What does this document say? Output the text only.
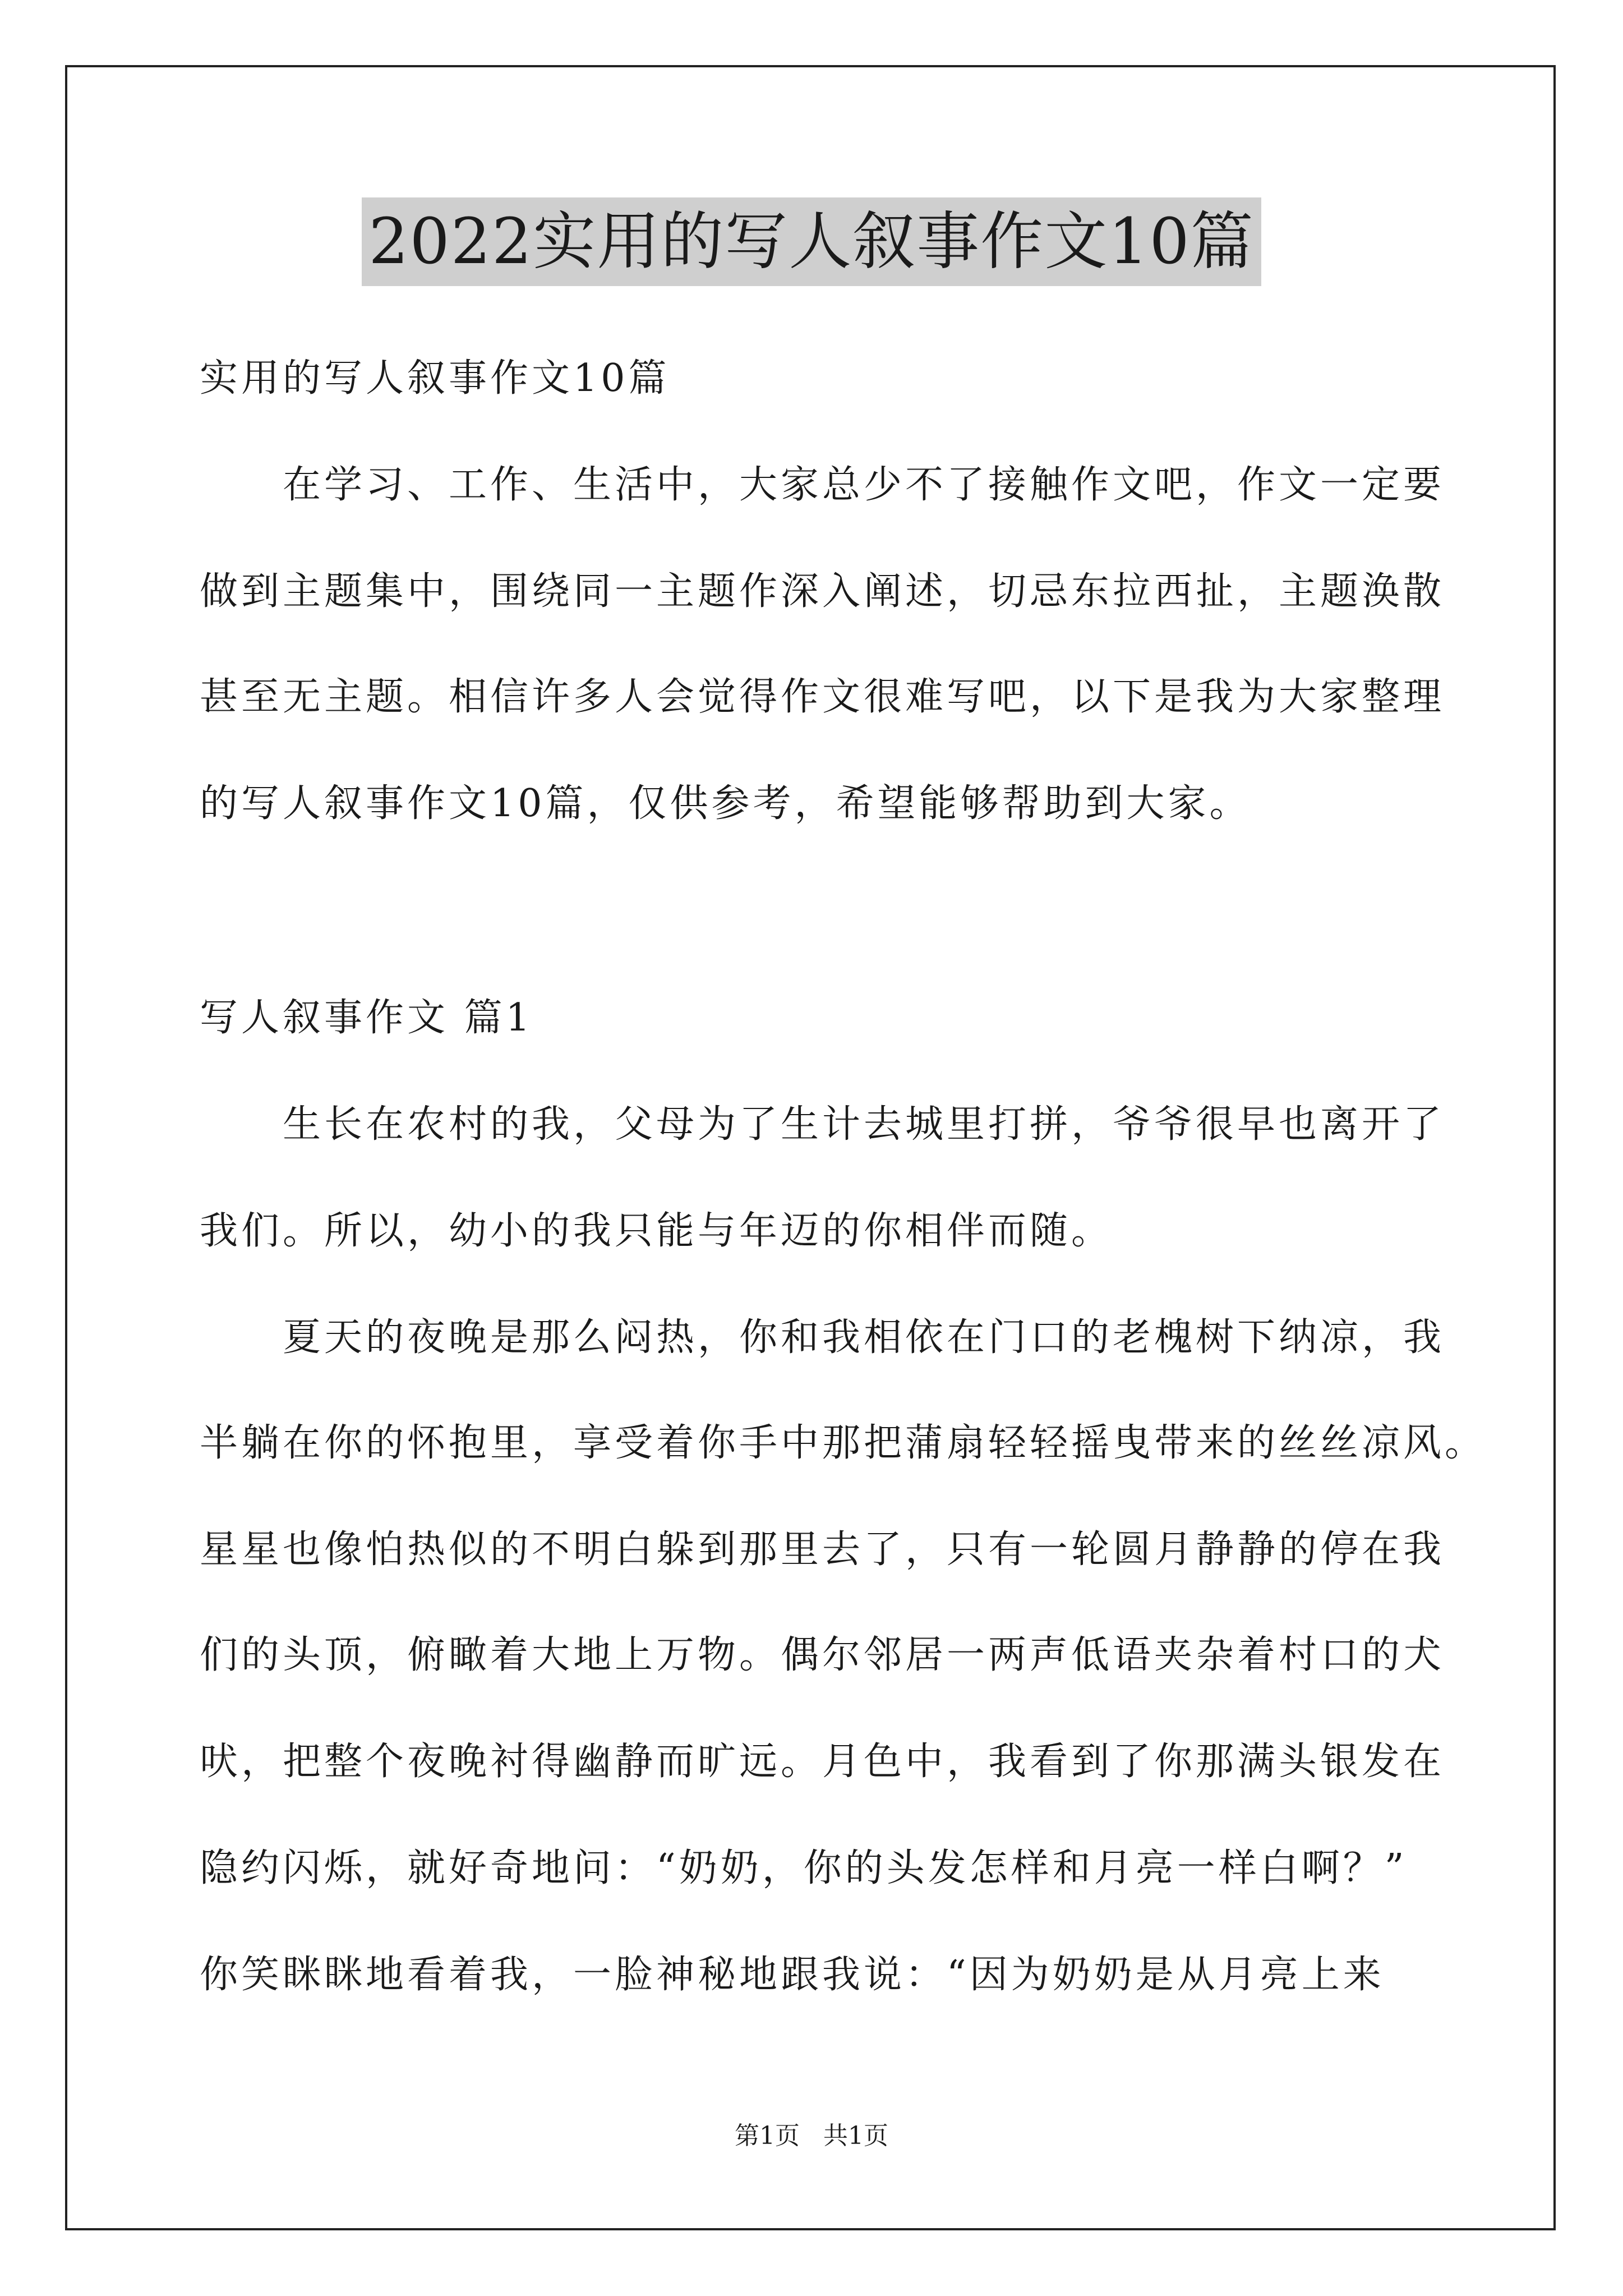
2022实用的写人叙事作文10篇
实用的写人叙事作文10篇
　　在学习、工作、生活中，大家总少不了接触作文吧，作文一定要
做到主题集中，围绕同一主题作深入阐述，切忌东拉西扯，主题涣散
甚至无主题。相信许多人会觉得作文很难写吧，以下是我为大家整理
的写人叙事作文10篇，仅供参考，希望能够帮助到大家。
写人叙事作文 篇1
　　生长在农村的我，父母为了生计去城里打拼，爷爷很早也离开了
我们。所以，幼小的我只能与年迈的你相伴而随。
　　夏天的夜晚是那么闷热，你和我相依在门口的老槐树下纳凉，我
半躺在你的怀抱里，享受着你手中那把蒲扇轻轻摇曳带来的丝丝凉风。
星星也像怕热似的不明白躲到那里去了，只有一轮圆月静静的停在我
们的头顶，俯瞰着大地上万物。偶尔邻居一两声低语夹杂着村口的犬
吠，把整个夜晚衬得幽静而旷远。月色中，我看到了你那满头银发在
隐约闪烁，就好奇地问：“奶奶，你的头发怎样和月亮一样白啊？”
你笑眯眯地看着我，一脸神秘地跟我说：“因为奶奶是从月亮上来
第1页   共1页
